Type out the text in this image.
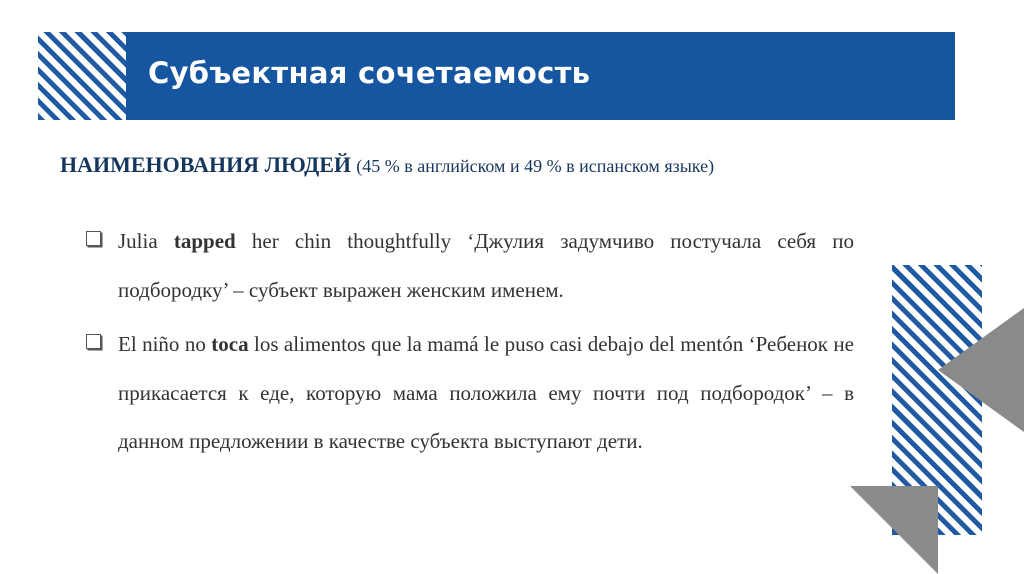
Субъектная сочетаемость
НАИМЕНОВАНИЯ ЛЮДЕЙ (45 % в английском и 49 % в испанском языке)
Julia tapped her chin thoughtfully ‘Джулия задумчиво постучала себя по подбородку’ – субъект выражен женским именем.
El niño no toca los alimentos que la mamá le puso casi debajo del mentón ‘Ребенок не прикасается к еде, которую мама положила ему почти под подбородок’ – в данном предложении в качестве субъекта выступают дети.
